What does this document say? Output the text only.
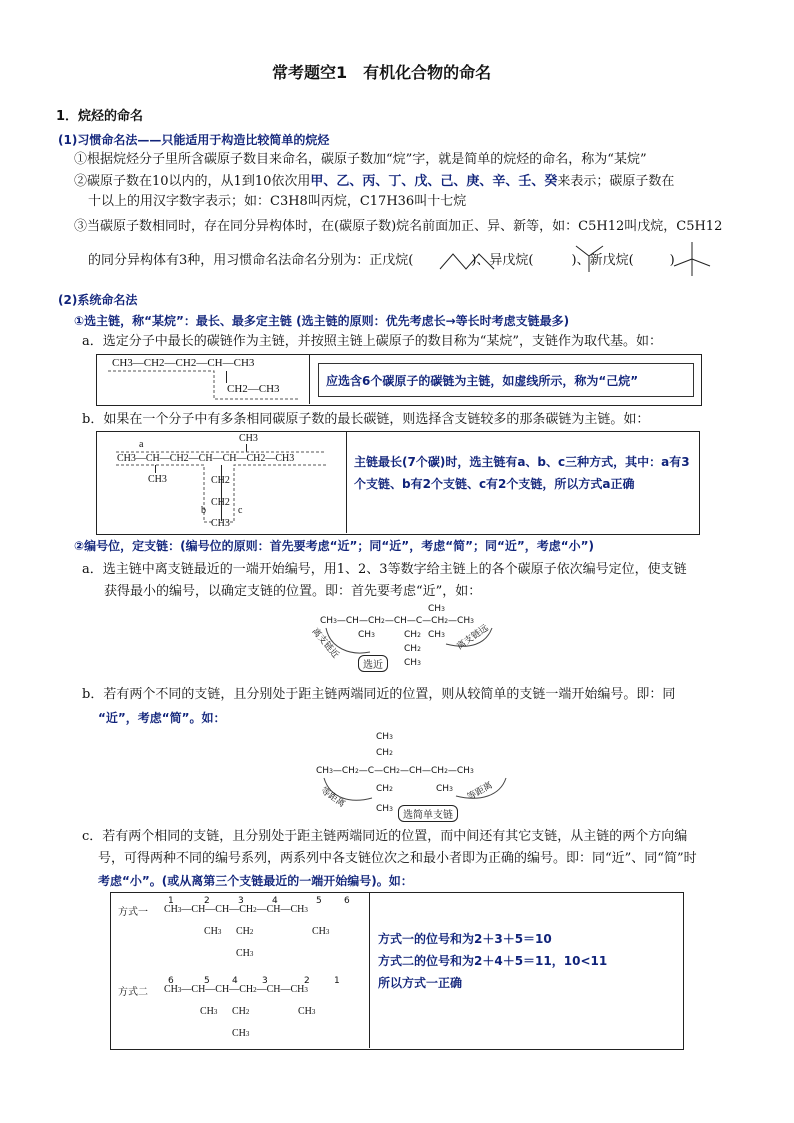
常考题空1　有机化合物的命名
1．烷烃的命名
(1)习惯命名法——只能适用于构造比较简单的烷烃
①根据烷烃分子里所含碳原子数目来命名，碳原子数加“烷”字，就是简单的烷烃的命名，称为“某烷”
②碳原子数在10以内的，从1到10依次用甲、乙、丙、丁、戊、己、庚、辛、壬、癸来表示；碳原子数在
十以上的用汉字数字表示；如：C3H8叫丙烷，C17H36叫十七烷
③当碳原子数相同时，存在同分异构体时，在(碳原子数)烷名前面加正、异、新等，如：C5H12叫戊烷，C5H12
的同分异构体有3种，用习惯命名法命名分别为：正戊烷(	)、异戊烷(	)、新戊烷(	)
(2)系统命名法
①选主链，称“某烷”：最长、最多定主链 (选主链的原则：优先考虑长→等长时考虑支链最多)
a．选定分子中最长的碳链作为主链，并按照主链上碳原子的数目称为“某烷”，支链作为取代基。如：
CH3—CH2—CH2—CH—CH3
CH2—CH3
应选含6个碳原子的碳链为主链，如虚线所示，称为“己烷”
b．如果在一个分子中有多条相同碳原子数的最长碳链，则选择含支链较多的那条碳链为主链。如：
CH3
a
CH3—CH—CH2—CH—CH—CH2—CH3
CH3	CH2
CH2
CH3
b	c
主链最长(7个碳)时，选主链有a、b、c三种方式，其中：a有3个支链、b有2个支链、c有2个支链，所以方式a正确
②编号位，定支链：(编号位的原则：首先要考虑“近”；同“近”，考虑“简”；同“近”，考虑“小”)
a．选主链中离支链最近的一端开始编号，用1、2、3等数字给主链上的各个碳原子依次编号定位，使支链
获得最小的编号，以确定支链的位置。即：首先要考虑“近”，如：
CH3
CH3—CH—CH2—CH—C—CH2—CH3
CH3	CH2 CH3
CH2
CH3
离支链近	离支链远
选近
b．若有两个不同的支链，且分别处于距主链两端同近的位置，则从较简单的支链一端开始编号。即：同
“近”，考虑“简”。如：
CH3
CH2
CH3—CH2—C—CH2—CH—CH2—CH3
CH2	CH3
CH3
等距离	等距离
选简单支链
c．若有两个相同的支链，且分别处于距主链两端同近的位置，而中间还有其它支链，从主链的两个方向编
号，可得两种不同的编号系列，两系列中各支链位次之和最小者即为正确的编号。即：同“近”、同“简”时
考虑“小”。(或从离第三个支链最近的一端开始编号)。如：
方式一
1	2	3	4	5 6
CH3—CH—CH—CH2—CH—CH3
CH3 CH2	CH3
CH3
方式二
6	5 4	3	2	1
CH3—CH—CH—CH2—CH—CH3
CH3 CH2	CH3
CH3
方式一的位号和为2＋3＋5＝10
方式二的位号和为2＋4＋5＝11，10<11
所以方式一正确
